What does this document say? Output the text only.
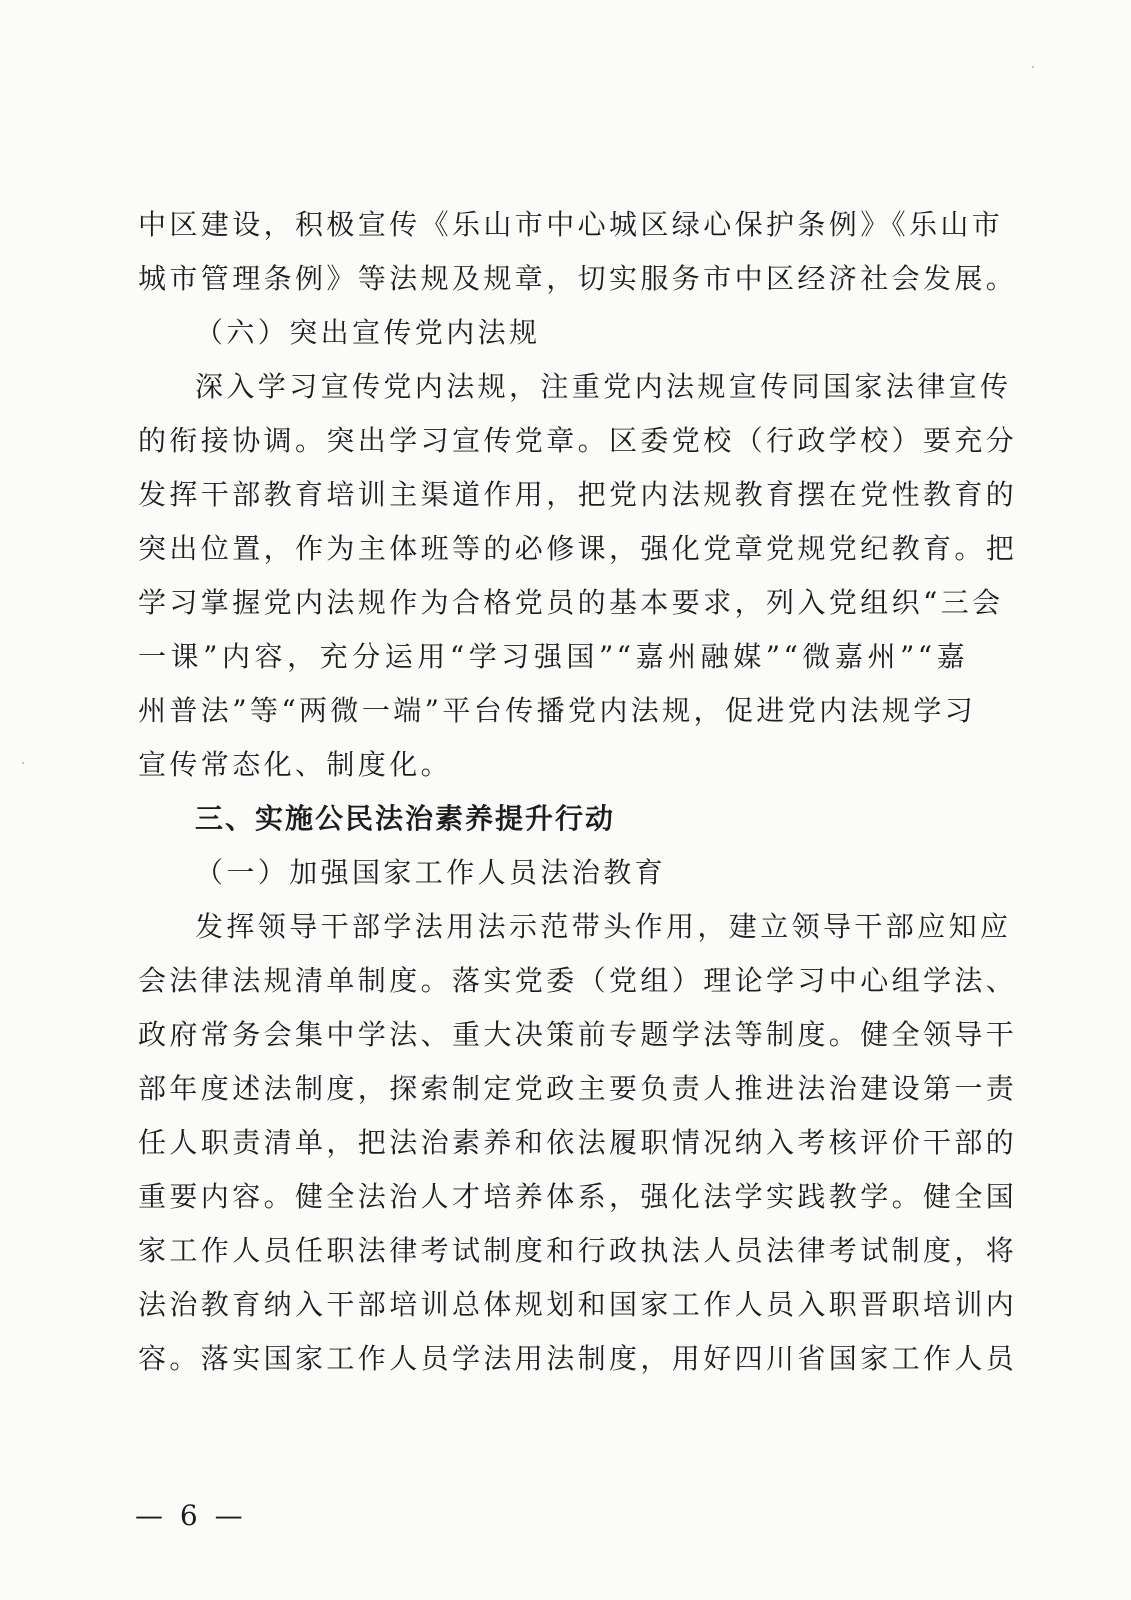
中区建设，积极宣传《乐山市中心城区绿心保护条例》《乐山市
城市管理条例》等法规及规章，切实服务市中区经济社会发展。
（六）突出宣传党内法规
深入学习宣传党内法规，注重党内法规宣传同国家法律宣传
的衔接协调。突出学习宣传党章。区委党校（行政学校）要充分
发挥干部教育培训主渠道作用，把党内法规教育摆在党性教育的
突出位置，作为主体班等的必修课，强化党章党规党纪教育。把
学习掌握党内法规作为合格党员的基本要求，列入党组织“三会
一课”内容，充分运用“学习强国”“嘉州融媒”“微嘉州”“嘉
州普法”等“两微一端”平台传播党内法规，促进党内法规学习
宣传常态化、制度化。
三、实施公民法治素养提升行动
（一）加强国家工作人员法治教育
发挥领导干部学法用法示范带头作用，建立领导干部应知应
会法律法规清单制度。落实党委（党组）理论学习中心组学法、
政府常务会集中学法、重大决策前专题学法等制度。健全领导干
部年度述法制度，探索制定党政主要负责人推进法治建设第一责
任人职责清单，把法治素养和依法履职情况纳入考核评价干部的
重要内容。健全法治人才培养体系，强化法学实践教学。健全国
家工作人员任职法律考试制度和行政执法人员法律考试制度，将
法治教育纳入干部培训总体规划和国家工作人员入职晋职培训内
容。落实国家工作人员学法用法制度，用好四川省国家工作人员
— 6 —
